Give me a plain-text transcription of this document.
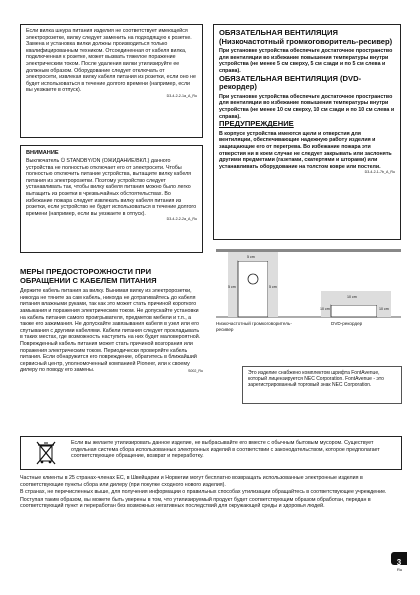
Если вилка шнура питания изделия не соответствует имеющейся электророзетке, вилку следует заменить на подходящую к розетке. Замена и установка вилки должны производиться только квалифицированным техником. Отсоединенная от кабеля вилка, подключенная к розетке, может вызвать тяжелое поражение электрическим током. После удаления вилки утилизируйте ее должным образом. Оборудование следует отключать от электросети, извлекая вилку кабеля питания из розетки, если оно не будет использоваться в течение долгого времени (например, если вы уезжаете в отпуск).

D3-4-2-2-1a_A_Ru

ВНИМАНИЕ

Выключатель ⏻ STANDBY/ON (ОЖИДАНИЕ/ВКЛ.) данного устройства не полностью отключает его от электросети. Чтобы полностью отключить питание устройства, вытащите вилку кабеля питания из электророзетки. Поэтому устройство следует устанавливать так, чтобы вилку кабеля питания можно было легко вытащить из розетки в чрезвычайных обстоятельствах. Во избежание пожара следует извлекать вилку кабеля питания из розетки, если устройство не будет использоваться в течение долгого времени (например, если вы уезжаете в отпуск).

D3-4-2-2-2a_A_Ru

МЕРЫ ПРЕДОСТОРОЖНОСТИ ПРИ ОБРАЩЕНИИ С КАБЕЛЕМ ПИТАНИЯ

Держите кабель питания за вилку. Вынимая вилку из электророзетки, никогда не тяните за сам кабель, никогда не дотрагивайтесь до кабеля питания влажными руками, так как это может стать причиной короткого замыкания и поражения электрическим током. Не допускайте установки на кабель питания самого проигрывателя, предметов мебели и т.п., а также его зажимания. Не допускайте завязывания кабеля в узел или его спутывания с другими кабелями. Кабели питания следует прокладывать в таких местах, где возможность наступить на них будет маловероятной. Поврежденный кабель питания может стать причиной возгорания или поражения электрическим током. Периодически проверяйте кабель питания. Если обнаружится его повреждение, обратитесь в ближайший сервисный центр, уполномоченный компанией Pioneer, или к своему дилеру по поводу его замены.	S002_Ru

ОБЯЗАТЕЛЬНАЯ ВЕНТИЛЯЦИЯ (Низкочастотный громкоговоритель-ресивер)

При установке устройства обеспечьте достаточное пространство для вентиляции во избежание повышения температуры внутри устройства (не менее 5 см сверху, 5 см сзади и по 5 см слева и справа).

ОБЯЗАТЕЛЬНАЯ ВЕНТИЛЯЦИЯ (DVD-рекордер)

При установке устройства обеспечьте достаточное пространство для вентиляции во избежание повышения температуры внутри устройства (не менее 10 см сверху, 10 см сзади и по 10 см слева и справа).

ПРЕДУПРЕЖДЕНИЕ

В корпусе устройства имеются щели и отверстия для вентиляции, обеспечивающие надежную работу изделия и защищающие его от перегрева. Во избежание пожара эти отверстия ни в коем случае не следует закрывать или заслонять другими предметами (газетами, скатертями и шторами) или устанавливать оборудование на толстом ковре или постели.

D3-4-2-1-7b_A_Ru

5 cm
5 cm	5 cm
10 cm
10 cm	10 cm
Низкочастотный громкоговоритель-ресивер
DVD-рекордер

Это изделие снабжено комплектом шрифта FontAvenue, который лицензируется NEC Corporation. FontAvenue - это зарегистрированный торговый знак NEC Corporation.

Если вы желаете утилизировать данное изделие, не выбрасывайте его вместе с обычным бытовым мусором. Существует отдельная система сбора использованных электронных изделий в соответствии с законодательством, которое предполагает соответствующее обращение, возврат и переработку.

Частные клиенты в 25 странах-членах ЕС, в Швейцарии и Норвегии могут бесплатно возвращать использованные электронные изделия в соответствующие пункты сбора или дилеру (при покупке сходного нового изделия).

В странах, не перечисленных выше, для получения информации о правильных способах утилизации обращайтесь в соответствующее учреждение.

Поступая таким образом, вы можете быть уверены в том, что утилизируемый продукт будет соответствующим образом обработан, передан в соответствующий пункт и переработан без возможных негативных последствий для окружающей среды и здоровья людей.

3
Ru
